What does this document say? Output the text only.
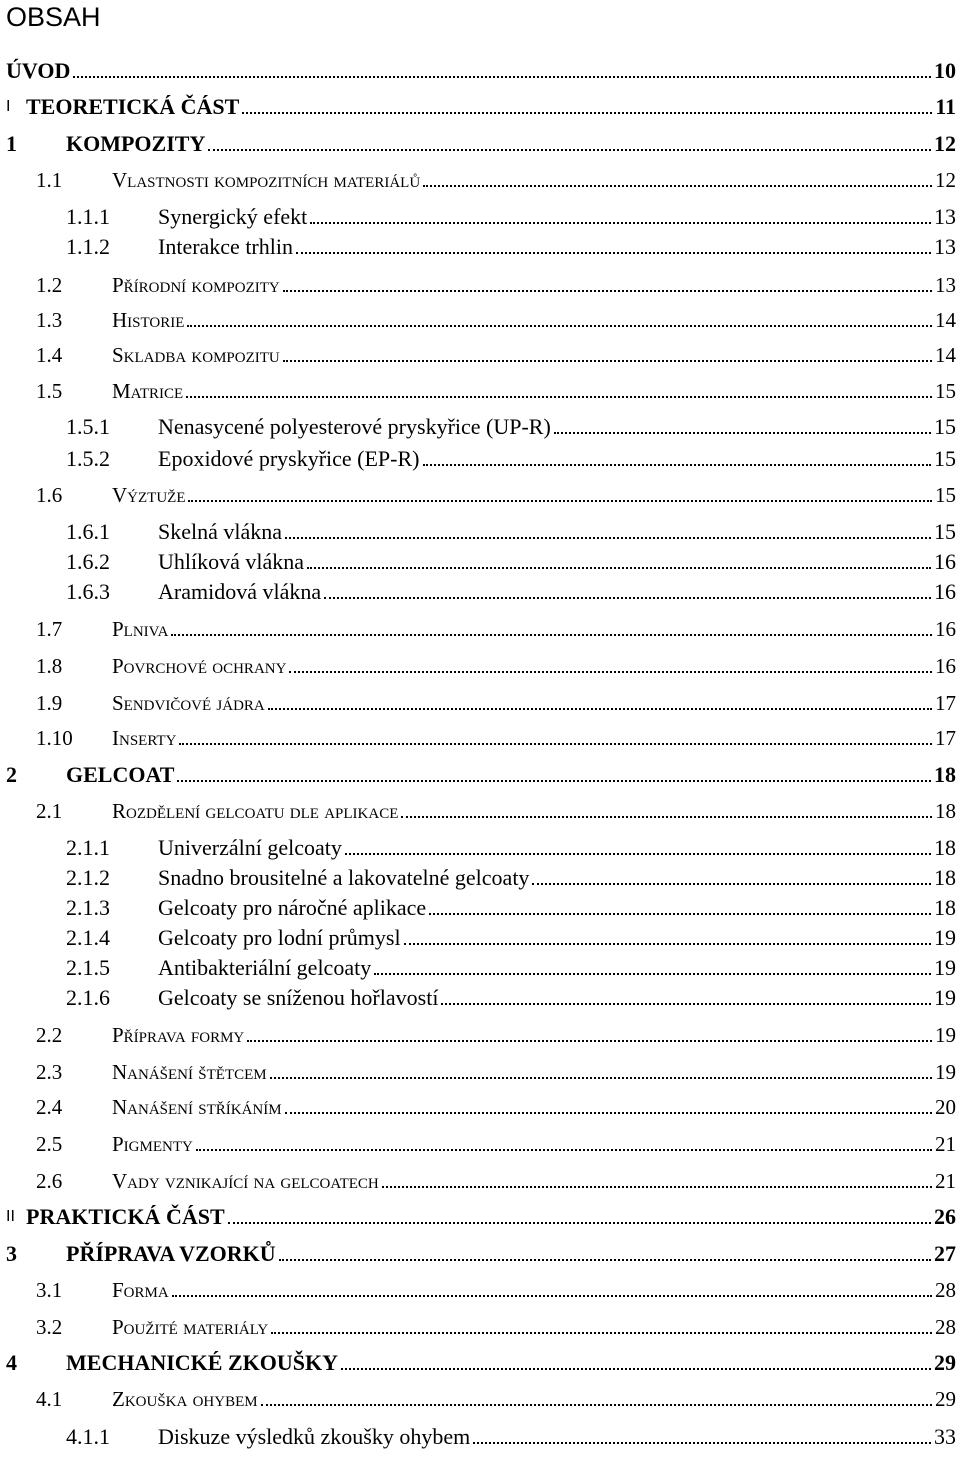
OBSAH
ÚVOD	10
I TEORETICKÁ ČÁST	11
1 KOMPOZITY	12
1.1 Vlastnosti kompozitních materiálů	12
1.1.1 Synergický efekt	13
1.1.2 Interakce trhlin	13
1.2 Přírodní kompozity	13
1.3 Historie	14
1.4 Skladba kompozitu	14
1.5 Matrice	15
1.5.1 Nenasycené polyesterové pryskyřice (UP-R)	15
1.5.2 Epoxidové pryskyřice (EP-R)	15
1.6 Výztuže	15
1.6.1 Skelná vlákna	15
1.6.2 Uhlíková vlákna	16
1.6.3 Aramidová vlákna	16
1.7 Plniva	16
1.8 Povrchové ochrany	16
1.9 Sendvičové jádra	17
1.10 Inserty	17
2 GELCOAT	18
2.1 Rozdělení gelcoatu dle aplikace	18
2.1.1 Univerzální gelcoaty	18
2.1.2 Snadno brousitelné a lakovatelné gelcoaty	18
2.1.3 Gelcoaty pro náročné aplikace	18
2.1.4 Gelcoaty pro lodní průmysl	19
2.1.5 Antibakteriální gelcoaty	19
2.1.6 Gelcoaty se sníženou hořlavostí	19
2.2 Příprava formy	19
2.3 Nanášení štětcem	19
2.4 Nanášení stříkáním	20
2.5 Pigmenty	21
2.6 Vady vznikající na gelcoatech	21
II PRAKTICKÁ ČÁST	26
3 PŘÍPRAVA VZORKŮ	27
3.1 Forma	28
3.2 Použité materiály	28
4 MECHANICKÉ ZKOUŠKY	29
4.1 Zkouška ohybem	29
4.1.1 Diskuze výsledků zkoušky ohybem	33
